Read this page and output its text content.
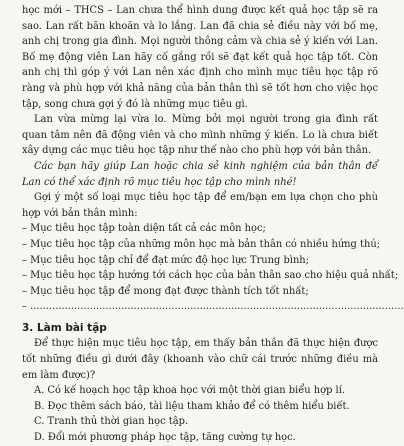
học mới – THCS – Lan chưa thể hình dung được kết quả học tập sẽ ra sao. Lan rất băn khoăn và lo lắng. Lan đã chia sẻ điều này với bố mẹ, anh chị trong gia đình. Mọi người thông cảm và chia sẻ ý kiến với Lan. Bố mẹ động viên Lan hãy cố gắng rồi sẽ đạt kết quả học tập tốt. Còn anh chị thì góp ý với Lan nên xác định cho mình mục tiêu học tập rõ ràng và phù hợp với khả năng của bản thân thì sẽ tốt hơn cho việc học tập, song chưa gợi ý đó là những mục tiêu gì.

Lan vừa mừng lại vừa lo. Mừng bởi mọi người trong gia đình rất quan tâm nên đã động viên và cho mình những ý kiến. Lo là chưa biết xây dựng các mục tiêu học tập như thế nào cho phù hợp với bản thân.

Các bạn hãy giúp Lan hoặc chia sẻ kinh nghiệm của bản thân để Lan có thể xác định rõ mục tiêu học tập cho mình nhé!

Gợi ý một số loại mục tiêu học tập để em/bạn em lựa chọn cho phù hợp với bản thân mình:

– Mục tiêu học tập toàn diện tất cả các môn học;

– Mục tiêu học tập của những môn học mà bản thân có nhiều hứng thú;

– Mục tiêu học tập chỉ để đạt mức độ học lực Trung bình;

– Mục tiêu học tập hướng tới cách học của bản thân sao cho hiệu quả nhất;

– Mục tiêu học tập để mong đạt được thành tích tốt nhất;

– .......................................................................................................................

3. Làm bài tập

Để thực hiện mục tiêu học tập, em thấy bản thân đã thực hiện được tốt những điều gì dưới đây (khoanh vào chữ cái trước những điều mà em làm được)?

A. Có kế hoạch học tập khoa học với một thời gian biểu hợp lí.

B. Đọc thêm sách báo, tài liệu tham khảo để có thêm hiểu biết.

C. Tranh thủ thời gian học tập.

D. Đổi mới phương pháp học tập, tăng cường tự học.
